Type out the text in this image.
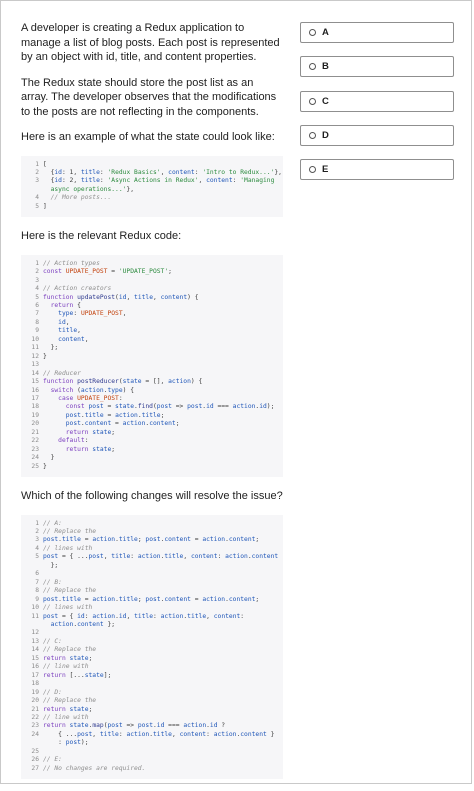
A developer is creating a Redux application to manage a list of blog posts. Each post is represented by an object with id, title, and content properties.

The Redux state should store the post list as an array. The developer observes that the modifications to the posts are not reflecting in the components.

Here is an example of what the state could look like:

1 [
2  {id: 1, title: 'Redux Basics', content: 'Intro to Redux...'},
3  {id: 2, title: 'Async Actions in Redux', content: 'Managing
async operations...'},
4  // More posts...
5 ]

Here is the relevant Redux code:

1 // Action types
2 const UPDATE_POST = 'UPDATE_POST';
3
4 // Action creators
5 function updatePost(id, title, content) {
6  return {
7    type: UPDATE_POST,
8    id,
9    title,
10    content,
11  };
12 }
13
14 // Reducer
15 function postReducer(state = [], action) {
16  switch (action.type) {
17    case UPDATE_POST:
18      const post = state.find(post => post.id === action.id);
19      post.title = action.title;
20      post.content = action.content;
21      return state;
22    default:
23      return state;
24  }
25 }

Which of the following changes will resolve the issue?

1 // A:
2 // Replace the
3 post.title = action.title; post.content = action.content;
4 // lines with
5 post = { ...post, title: action.title, content: action.content
};
6
7 // B:
8 // Replace the
9 post.title = action.title; post.content = action.content;
10 // lines with
11 post = { id: action.id, title: action.title, content:
action.content };
12
13 // C:
14 // Replace the
15 return state;
16 // line with
17 return [...state];
18
19 // D:
20 // Replace the
21 return state;
22 // line with
23 return state.map(post => post.id === action.id ?
24    { ...post, title: action.title, content: action.content }
: post);
25
26 // E:
27 // No changes are required.
A
B
C
D
E
